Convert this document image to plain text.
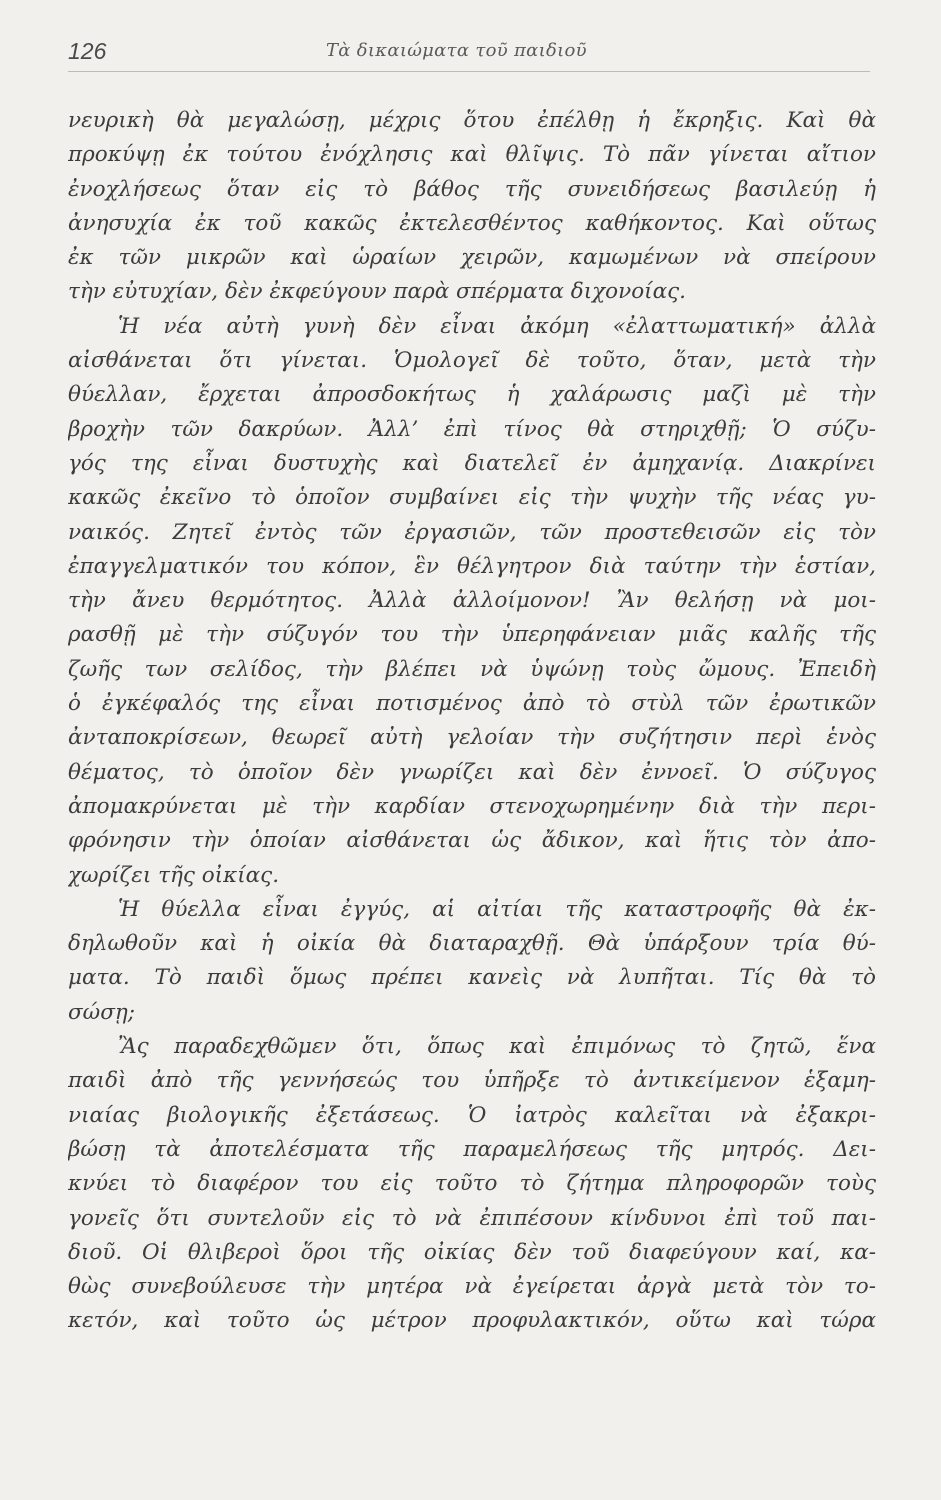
126	Τὰ δικαιώματα τοῦ παιδιοῦ
νευρικὴ θὰ μεγαλώσῃ, μέχρις ὅτου ἐπέλθῃ ἡ ἔκρηξις. Καὶ θὰ
προκύψῃ ἐκ τούτου ἐνόχλησις καὶ θλῖψις. Τὸ πᾶν γίνεται αἴτιον
ἐνοχλήσεως ὅταν εἰς τὸ βάθος τῆς συνειδήσεως βασιλεύῃ ἡ
ἀνησυχία ἐκ τοῦ κακῶς ἐκτελεσθέντος καθήκοντος. Καὶ οὕτως
ἐκ τῶν μικρῶν καὶ ὡραίων χειρῶν, καμωμένων νὰ σπείρουν
τὴν εὐτυχίαν, δὲν ἐκφεύγουν παρὰ σπέρματα διχονοίας.
Ἡ νέα αὐτὴ γυνὴ δὲν εἶναι ἀκόμη «ἐλαττωματική» ἀλλὰ
αἰσθάνεται ὅτι γίνεται. Ὁμολογεῖ δὲ τοῦτο, ὅταν, μετὰ τὴν
θύελλαν, ἔρχεται ἀπροσδοκήτως ἡ χαλάρωσις μαζὶ μὲ τὴν
βροχὴν τῶν δακρύων. Ἀλλ’ ἐπὶ τίνος θὰ στηριχθῇ; Ὁ σύζυ-
γός της εἶναι δυστυχὴς καὶ διατελεῖ ἐν ἀμηχανίᾳ. Διακρίνει
κακῶς ἐκεῖνο τὸ ὁποῖον συμβαίνει εἰς τὴν ψυχὴν τῆς νέας γυ-
ναικός. Ζητεῖ ἐντὸς τῶν ἐργασιῶν, τῶν προστεθεισῶν εἰς τὸν
ἐπαγγελματικόν του κόπον, ἓν θέλγητρον διὰ ταύτην τὴν ἑστίαν,
τὴν ἄνευ θερμότητος. Ἀλλὰ ἀλλοίμονον! Ἂν θελήσῃ νὰ μοι-
ρασθῇ μὲ τὴν σύζυγόν του τὴν ὑπερηφάνειαν μιᾶς καλῆς τῆς
ζωῆς των σελίδος, τὴν βλέπει νὰ ὑψώνῃ τοὺς ὤμους. Ἐπειδὴ
ὁ ἐγκέφαλός της εἶναι ποτισμένος ἀπὸ τὸ στὺλ τῶν ἐρωτικῶν
ἀνταποκρίσεων, θεωρεῖ αὐτὴ γελοίαν τὴν συζήτησιν περὶ ἑνὸς
θέματος, τὸ ὁποῖον δὲν γνωρίζει καὶ δὲν ἐννοεῖ. Ὁ σύζυγος
ἀπομακρύνεται μὲ τὴν καρδίαν στενοχωρημένην διὰ τὴν περι-
φρόνησιν τὴν ὁποίαν αἰσθάνεται ὡς ἄδικον, καὶ ἥτις τὸν ἀπο-
χωρίζει τῆς οἰκίας.
Ἡ θύελλα εἶναι ἐγγύς, αἱ αἰτίαι τῆς καταστροφῆς θὰ ἐκ-
δηλωθοῦν καὶ ἡ οἰκία θὰ διαταραχθῇ. Θὰ ὑπάρξουν τρία θύ-
ματα. Τὸ παιδὶ ὅμως πρέπει κανεὶς νὰ λυπῆται. Τίς θὰ τὸ
σώσῃ;
Ἂς παραδεχθῶμεν ὅτι, ὅπως καὶ ἐπιμόνως τὸ ζητῶ, ἕνα
παιδὶ ἀπὸ τῆς γεννήσεώς του ὑπῆρξε τὸ ἀντικείμενον ἑξαμη-
νιαίας βιολογικῆς ἐξετάσεως. Ὁ ἰατρὸς καλεῖται νὰ ἐξακρι-
βώσῃ τὰ ἀποτελέσματα τῆς παραμελήσεως τῆς μητρός. Δει-
κνύει τὸ διαφέρον του εἰς τοῦτο τὸ ζήτημα πληροφορῶν τοὺς
γονεῖς ὅτι συντελοῦν εἰς τὸ νὰ ἐπιπέσουν κίνδυνοι ἐπὶ τοῦ παι-
διοῦ. Οἱ θλιβεροὶ ὅροι τῆς οἰκίας δὲν τοῦ διαφεύγουν καί, κα-
θὼς συνεβούλευσε τὴν μητέρα νὰ ἐγείρεται ἀργὰ μετὰ τὸν το-
κετόν, καὶ τοῦτο ὡς μέτρον προφυλακτικόν, οὕτω καὶ τώρα
